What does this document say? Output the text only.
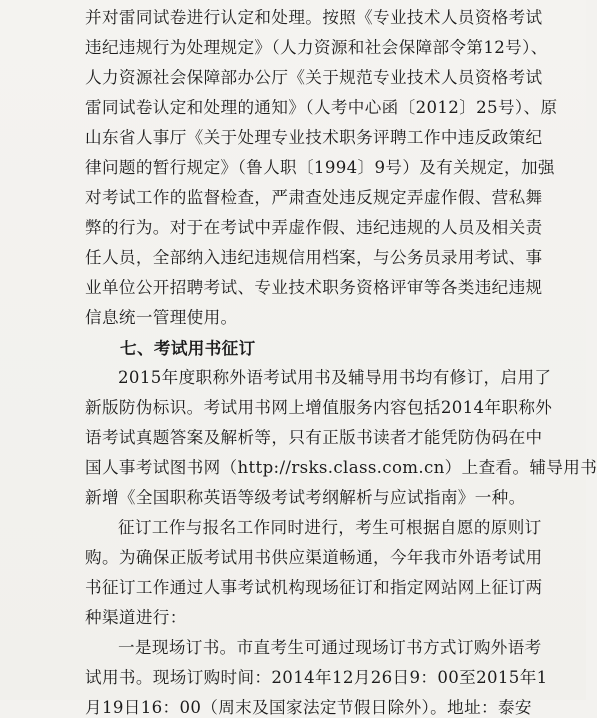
并对雷同试卷进行认定和处理。按照《专业技术人员资格考试
违纪违规行为处理规定》（人力资源和社会保障部令第12号）、
人力资源社会保障部办公厅《关于规范专业技术人员资格考试
雷同试卷认定和处理的通知》（人考中心函〔2012〕25号）、原
山东省人事厅《关于处理专业技术职务评聘工作中违反政策纪
律问题的暂行规定》（鲁人职〔1994〕9号）及有关规定，加强
对考试工作的监督检查，严肃查处违反规定弄虚作假、营私舞
弊的行为。对于在考试中弄虚作假、违纪违规的人员及相关责
任人员，全部纳入违纪违规信用档案，与公务员录用考试、事
业单位公开招聘考试、专业技术职务资格评审等各类违纪违规
信息统一管理使用。
七、考试用书征订
2015年度职称外语考试用书及辅导用书均有修订，启用了
新版防伪标识。考试用书网上增值服务内容包括2014年职称外
语考试真题答案及解析等，只有正版书读者才能凭防伪码在中
国人事考试图书网（http://rsks.class.com.cn）上查看。辅导用书
新增《全国职称英语等级考试考纲解析与应试指南》一种。
征订工作与报名工作同时进行，考生可根据自愿的原则订
购。为确保正版考试用书供应渠道畅通，今年我市外语考试用
书征订工作通过人事考试机构现场征订和指定网站网上征订两
种渠道进行：
一是现场订书。市直考生可通过现场订书方式订购外语考
试用书。现场订购时间：2014年12月26日9：00至2015年1
月19日16：00（周末及国家法定节假日除外）。地址：泰安
